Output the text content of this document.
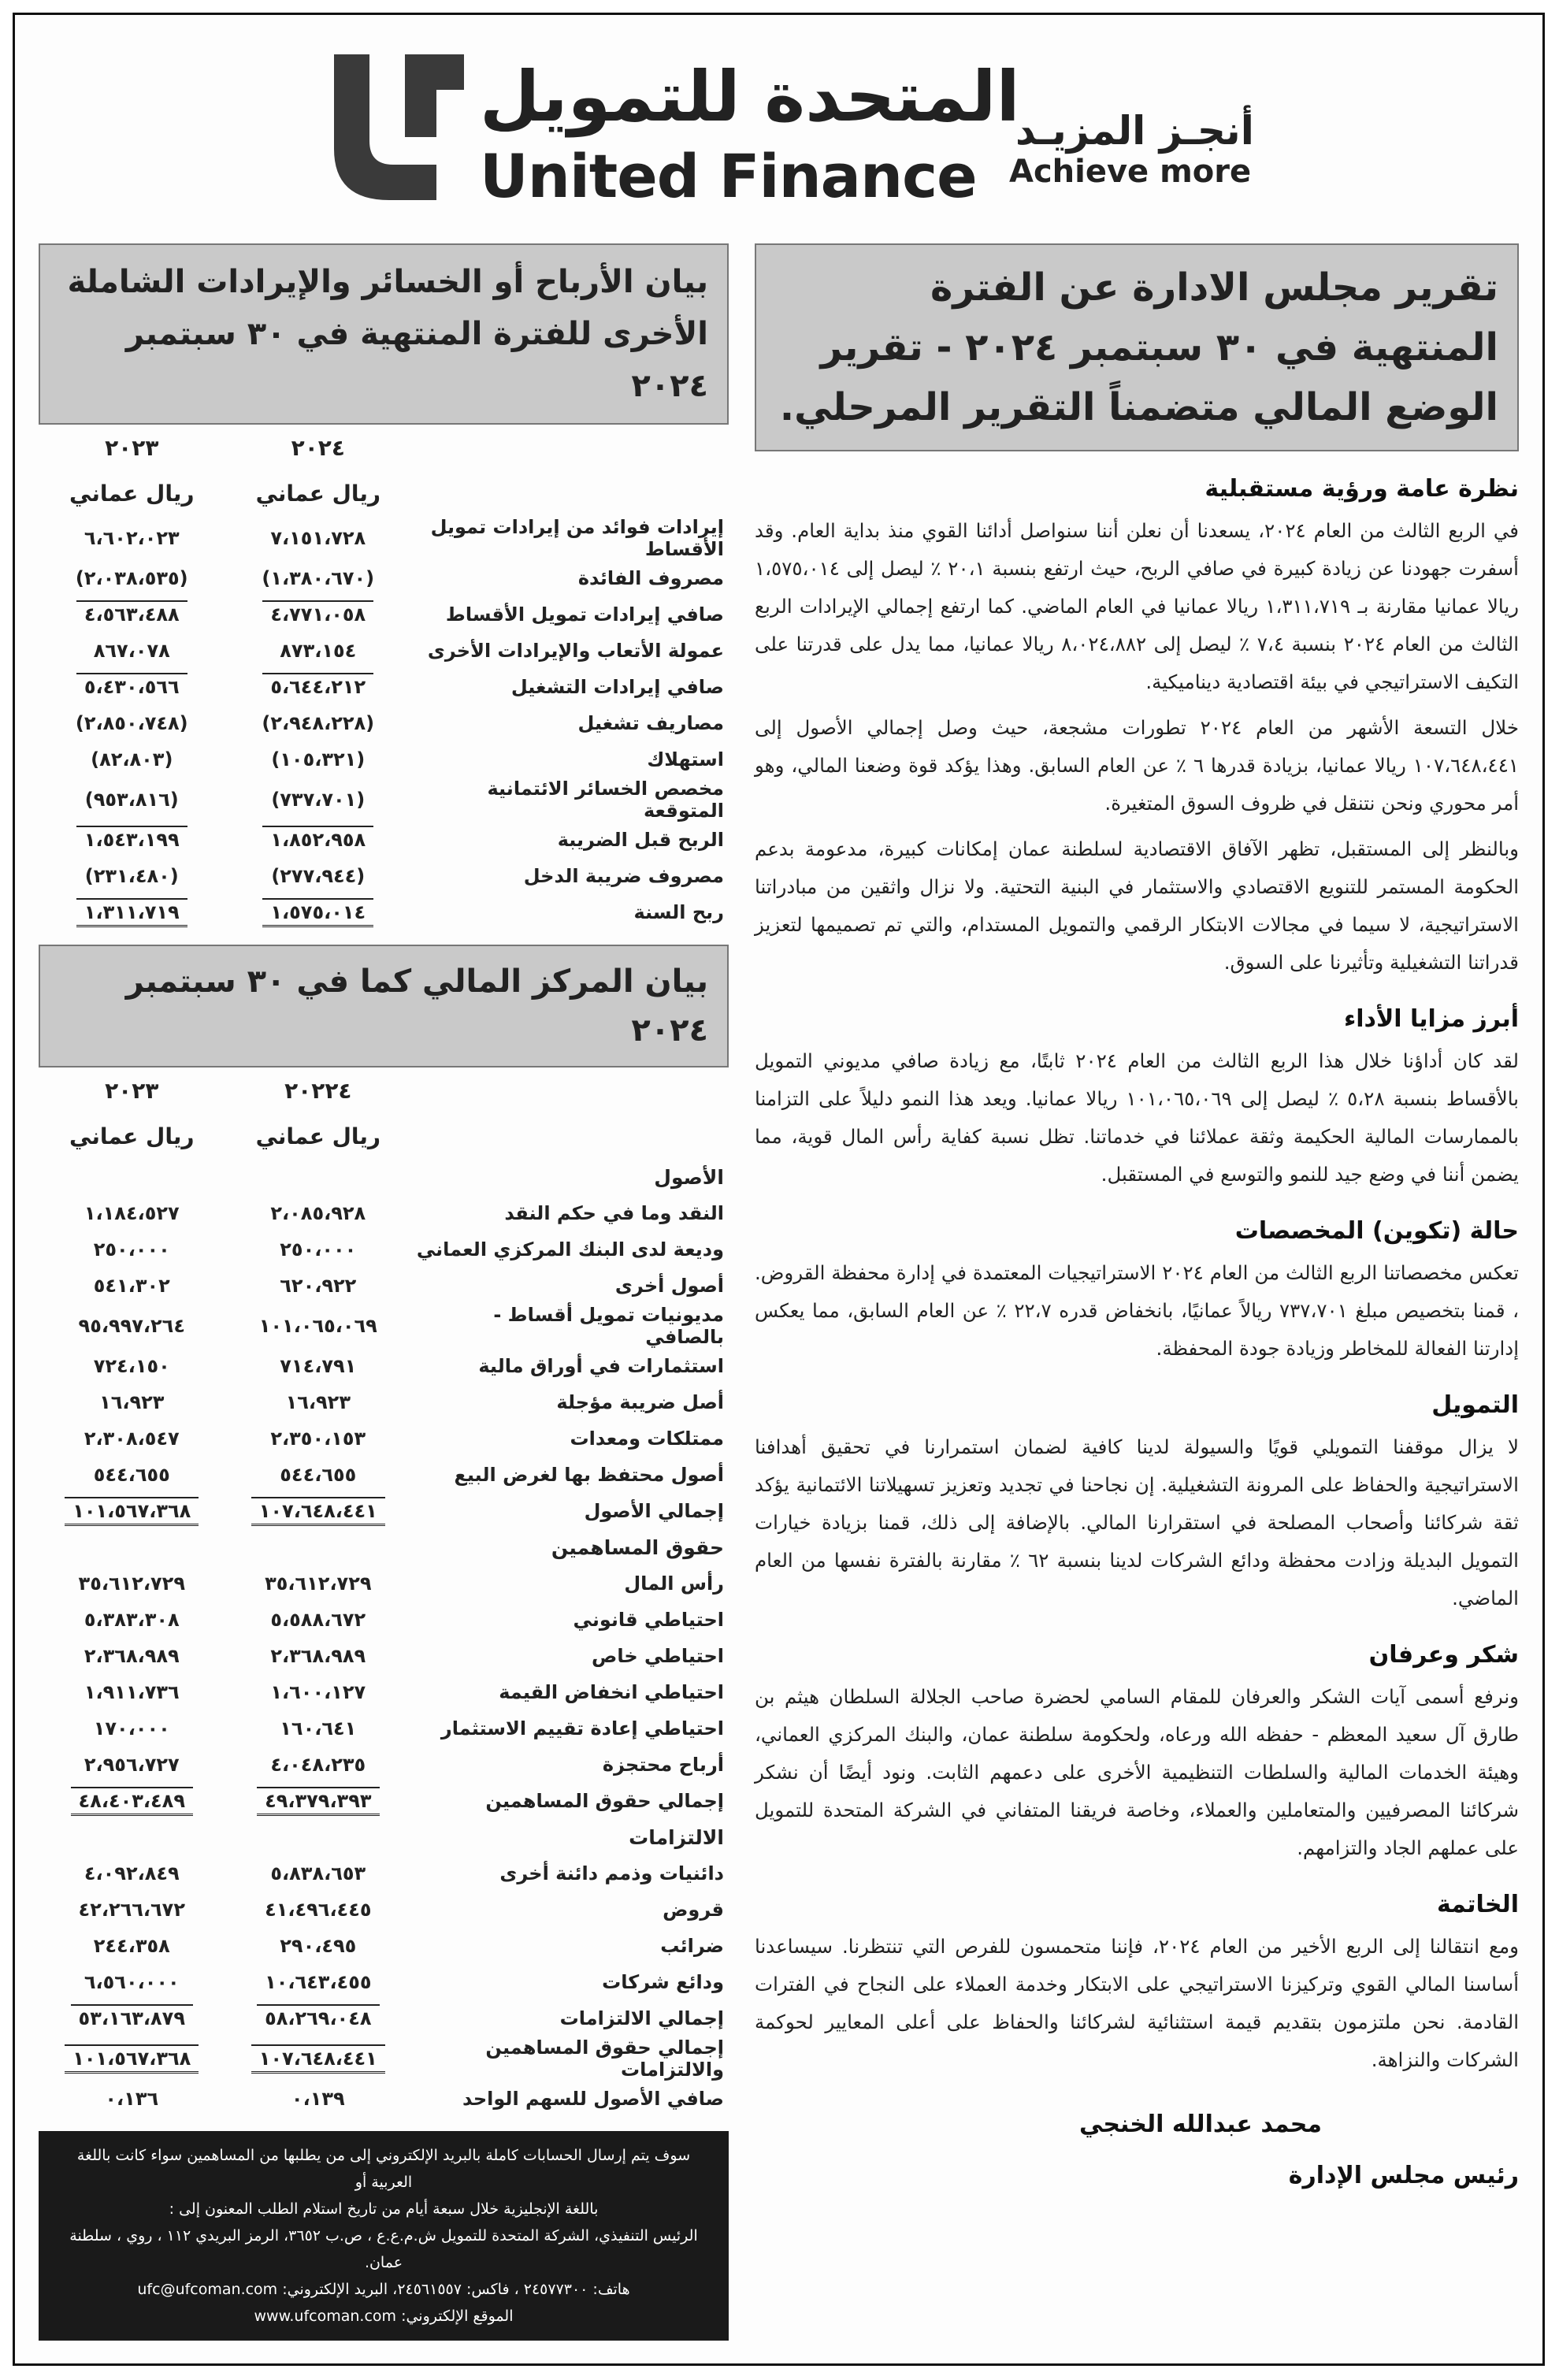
المتحدة للتمويل
United Finance
أنجـز المزيـد
Achieve more
تقرير مجلس الادارة عن الفترة المنتهية في ٣٠ سبتمبر ٢٠٢٤ - تقرير الوضع المالي متضمناً التقرير المرحلي.
نظرة عامة ورؤية مستقبلية

في الربع الثالث من العام ٢٠٢٤، يسعدنا أن نعلن أننا سنواصل أدائنا القوي منذ بداية العام. وقد أسفرت جهودنا عن زيادة كبيرة في صافي الربح، حيث ارتفع بنسبة ٢٠،١ ٪ ليصل إلى ١،٥٧٥،٠١٤ ريالا عمانيا مقارنة بـ ١،٣١١،٧١٩ ريالا عمانيا في العام الماضي. كما ارتفع إجمالي الإيرادات الربع الثالث من العام ٢٠٢٤ بنسبة ٧،٤ ٪ ليصل إلى ٨،٠٢٤،٨٨٢ ريالا عمانيا، مما يدل على قدرتنا على التكيف الاستراتيجي في بيئة اقتصادية ديناميكية.

خلال التسعة الأشهر من العام ٢٠٢٤ تطورات مشجعة، حيث وصل إجمالي الأصول إلى ١٠٧،٦٤٨،٤٤١ ريالا عمانيا، بزيادة قدرها ٦ ٪ عن العام السابق. وهذا يؤكد قوة وضعنا المالي، وهو أمر محوري ونحن نتنقل في ظروف السوق المتغيرة.

وبالنظر إلى المستقبل، تظهر الآفاق الاقتصادية لسلطنة عمان إمكانات كبيرة، مدعومة بدعم الحكومة المستمر للتنويع الاقتصادي والاستثمار في البنية التحتية. ولا نزال واثقين من مبادراتنا الاستراتيجية، لا سيما في مجالات الابتكار الرقمي والتمويل المستدام، والتي تم تصميمها لتعزيز قدراتنا التشغيلية وتأثيرنا على السوق.

أبرز مزايا الأداء

لقد كان أداؤنا خلال هذا الربع الثالث من العام ٢٠٢٤ ثابتًا، مع زيادة صافي مديوني التمويل بالأقساط بنسبة ٥،٢٨ ٪ ليصل إلى ١٠١،٠٦٥،٠٦٩ ريالا عمانيا. ويعد هذا النمو دليلاً على التزامنا بالممارسات المالية الحكيمة وثقة عملائنا في خدماتنا. تظل نسبة كفاية رأس المال قوية، مما يضمن أننا في وضع جيد للنمو والتوسع في المستقبل.

حالة (تكوين) المخصصات

تعكس مخصصاتنا الربع الثالث من العام ٢٠٢٤ الاستراتيجيات المعتمدة في إدارة محفظة القروض. ، قمنا بتخصيص مبلغ ٧٣٧،٧٠١ ريالاً عمانيًا، بانخفاض قدره ٢٢،٧ ٪ عن العام السابق، مما يعكس إدارتنا الفعالة للمخاطر وزيادة جودة المحفظة.

التمويل

لا يزال موقفنا التمويلي قويًا والسيولة لدينا كافية لضمان استمرارنا في تحقيق أهدافنا الاستراتيجية والحفاظ على المرونة التشغيلية. إن نجاحنا في تجديد وتعزيز تسهيلاتنا الائتمانية يؤكد ثقة شركائنا وأصحاب المصلحة في استقرارنا المالي. بالإضافة إلى ذلك، قمنا بزيادة خيارات التمويل البديلة وزادت محفظة ودائع الشركات لدينا بنسبة ٦٢ ٪ مقارنة بالفترة نفسها من العام الماضي.

شكر وعرفان

ونرفع أسمى آيات الشكر والعرفان للمقام السامي لحضرة صاحب الجلالة السلطان هيثم بن طارق آل سعيد المعظم - حفظه الله ورعاه، ولحكومة سلطنة عمان، والبنك المركزي العماني، وهيئة الخدمات المالية والسلطات التنظيمية الأخرى على دعمهم الثابت. ونود أيضًا أن نشكر شركائنا المصرفيين والمتعاملين والعملاء، وخاصة فريقنا المتفاني في الشركة المتحدة للتمويل على عملهم الجاد والتزامهم.

الخاتمة

ومع انتقالنا إلى الربع الأخير من العام ٢٠٢٤، فإننا متحمسون للفرص التي تنتظرنا. سيساعدنا أساسنا المالي القوي وتركيزنا الاستراتيجي على الابتكار وخدمة العملاء على النجاح في الفترات القادمة. نحن ملتزمون بتقديم قيمة استثنائية لشركائنا والحفاظ على أعلى المعايير لحوكمة الشركات والنزاهة.

محمد عبدالله الخنجي
رئيس مجلس الإدارة
بيان الأرباح أو الخسائر والإيرادات الشاملة الأخرى للفترة المنتهية في ٣٠ سبتمبر ٢٠٢٤
	٢٠٢٤	٢٠٢٣
	ريال عماني	ريال عماني
إيرادات فوائد من إيرادات تمويل الأقساط	٧،١٥١،٧٢٨	٦،٦٠٢،٠٢٣
مصروف الفائدة	(١،٣٨٠،٦٧٠)	(٢،٠٣٨،٥٣٥)
صافي إيرادات تمويل الأقساط	٤،٧٧١،٠٥٨	٤،٥٦٣،٤٨٨
عمولة الأتعاب والإيرادات الأخرى	٨٧٣،١٥٤	٨٦٧،٠٧٨
صافي إيرادات التشغيل	٥،٦٤٤،٢١٢	٥،٤٣٠،٥٦٦
مصاريف تشغيل	(٢،٩٤٨،٢٢٨)	(٢،٨٥٠،٧٤٨)
استهلاك	(١٠٥،٣٢١)	(٨٢،٨٠٣)
مخصص الخسائر الائتمانية المتوقعة	(٧٣٧،٧٠١)	(٩٥٣،٨١٦)
الربح قبل الضريبة	١،٨٥٢،٩٥٨	١،٥٤٣،١٩٩
مصروف ضريبة الدخل	(٢٧٧،٩٤٤)	(٢٣١،٤٨٠)
ربح السنة	١،٥٧٥،٠١٤	١،٣١١،٧١٩
بيان المركز المالي كما في ٣٠ سبتمبر ٢٠٢٤
	٢٠٢٢٤	٢٠٢٣
	ريال عماني	ريال عماني
الأصول		
النقد وما في حكم النقد	٢،٠٨٥،٩٢٨	١،١٨٤،٥٢٧
وديعة لدى البنك المركزي العماني	٢٥٠،٠٠٠	٢٥٠،٠٠٠
أصول أخرى	٦٢٠،٩٢٢	٥٤١،٣٠٢
مديونيات تمويل أقساط - بالصافي	١٠١،٠٦٥،٠٦٩	٩٥،٩٩٧،٢٦٤
استثمارات في أوراق مالية	٧١٤،٧٩١	٧٢٤،١٥٠
أصل ضريبة مؤجلة	١٦،٩٢٣	١٦،٩٢٣
ممتلكات ومعدات	٢،٣٥٠،١٥٣	٢،٣٠٨،٥٤٧
أصول محتفظ بها لغرض البيع	٥٤٤،٦٥٥	٥٤٤،٦٥٥
إجمالي الأصول	١٠٧،٦٤٨،٤٤١	١٠١،٥٦٧،٣٦٨
حقوق المساهمين		
رأس المال	٣٥،٦١٢،٧٢٩	٣٥،٦١٢،٧٢٩
احتياطي قانوني	٥،٥٨٨،٦٧٢	٥،٣٨٣،٣٠٨
احتياطي خاص	٢،٣٦٨،٩٨٩	٢،٣٦٨،٩٨٩
احتياطي انخفاض القيمة	١،٦٠٠،١٢٧	١،٩١١،٧٣٦
احتياطي إعادة تقييم الاستثمار	١٦٠،٦٤١	١٧٠،٠٠٠
أرباح محتجزة	٤،٠٤٨،٢٣٥	٢،٩٥٦،٧٢٧
إجمالي حقوق المساهمين	٤٩،٣٧٩،٣٩٣	٤٨،٤٠٣،٤٨٩
الالتزامات		
دائنيات وذمم دائنة أخرى	٥،٨٣٨،٦٥٣	٤،٠٩٢،٨٤٩
قروض	٤١،٤٩٦،٤٤٥	٤٢،٢٦٦،٦٧٢
ضرائب	٢٩٠،٤٩٥	٢٤٤،٣٥٨
ودائع شركات	١٠،٦٤٣،٤٥٥	٦،٥٦٠،٠٠٠
إجمالي الالتزامات	٥٨،٢٦٩،٠٤٨	٥٣،١٦٣،٨٧٩
إجمالي حقوق المساهمين والالتزامات	١٠٧،٦٤٨،٤٤١	١٠١،٥٦٧،٣٦٨
صافي الأصول للسهم الواحد	٠،١٣٩	٠،١٣٦
سوف يتم إرسال الحسابات كاملة بالبريد الإلكتروني إلى من يطلبها من المساهمين سواء كانت باللغة العربية أو
باللغة الإنجليزية خلال سبعة أيام من تاريخ استلام الطلب المعنون إلى :
الرئيس التنفيذي، الشركة المتحدة للتمويل ش.م.ع.ع ، ص.ب ٣٦٥٢، الرمز البريدي ١١٢ ، روي ، سلطنة عمان.
هاتف: ٢٤٥٧٧٣٠٠ ، فاكس: ٢٤٥٦١٥٥٧، البريد الإلكتروني: ufc@ufcoman.com
الموقع الإلكتروني: www.ufcoman.com
